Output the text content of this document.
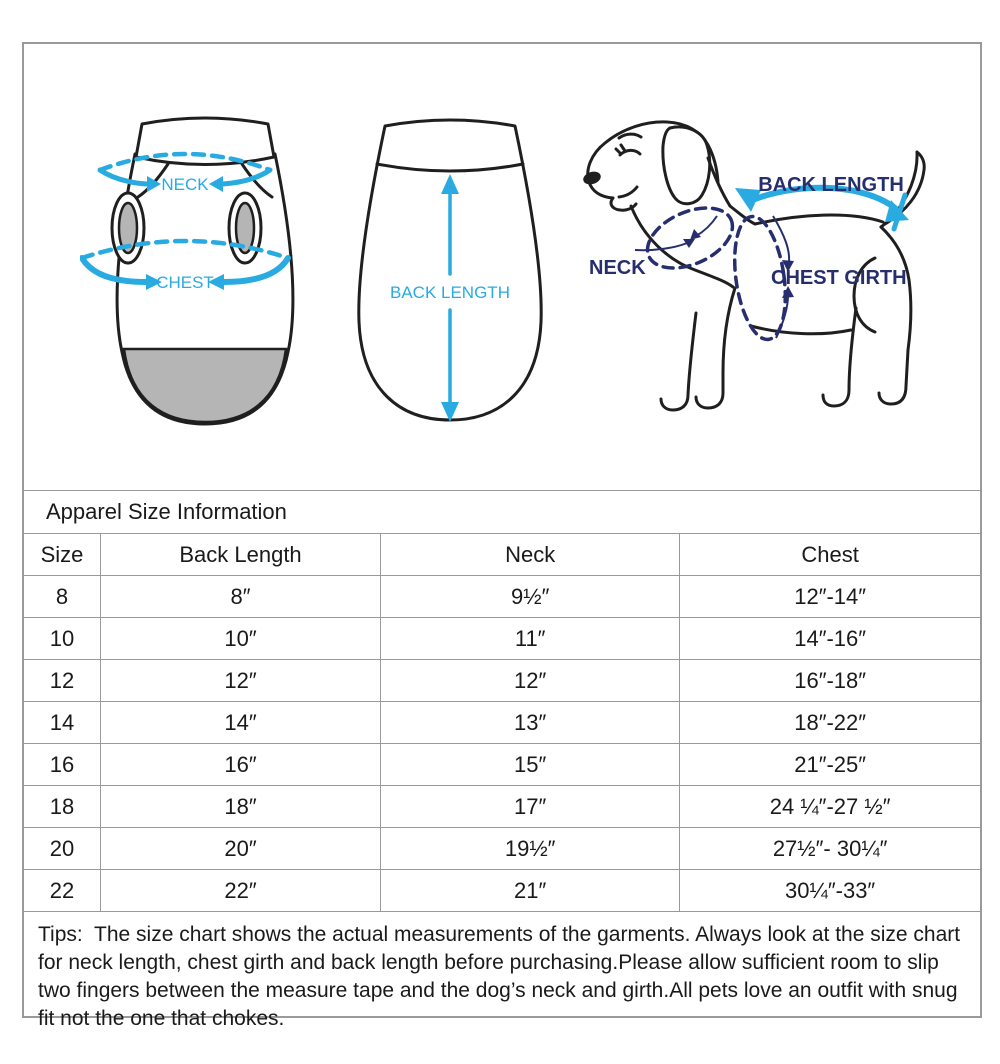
NECK
CHEST
BACK LENGTH
BACK LENGTH
NECK	CHEST GIRTH
Apparel Size Information
Size	Back Length	Neck	Chest
8	8″	9½″	12″-14″
10	10″	11″	14″-16″
12	12″	12″	16″-18″
14	14″	13″	18″-22″
16	16″	15″	21″-25″
18	18″	17″	24 ¼″-27 ½″
20	20″	19½″	27½″- 30¼″
22	22″	21″	30¼″-33″
Tips: The size chart shows the actual measurements of the garments. Always look at the size chart for neck length, chest girth and back length before purchasing.Please allow sufficient room to slip two fingers between the measure tape and the dog’s neck and girth.All pets love an outfit with snug fit not the one that chokes.
